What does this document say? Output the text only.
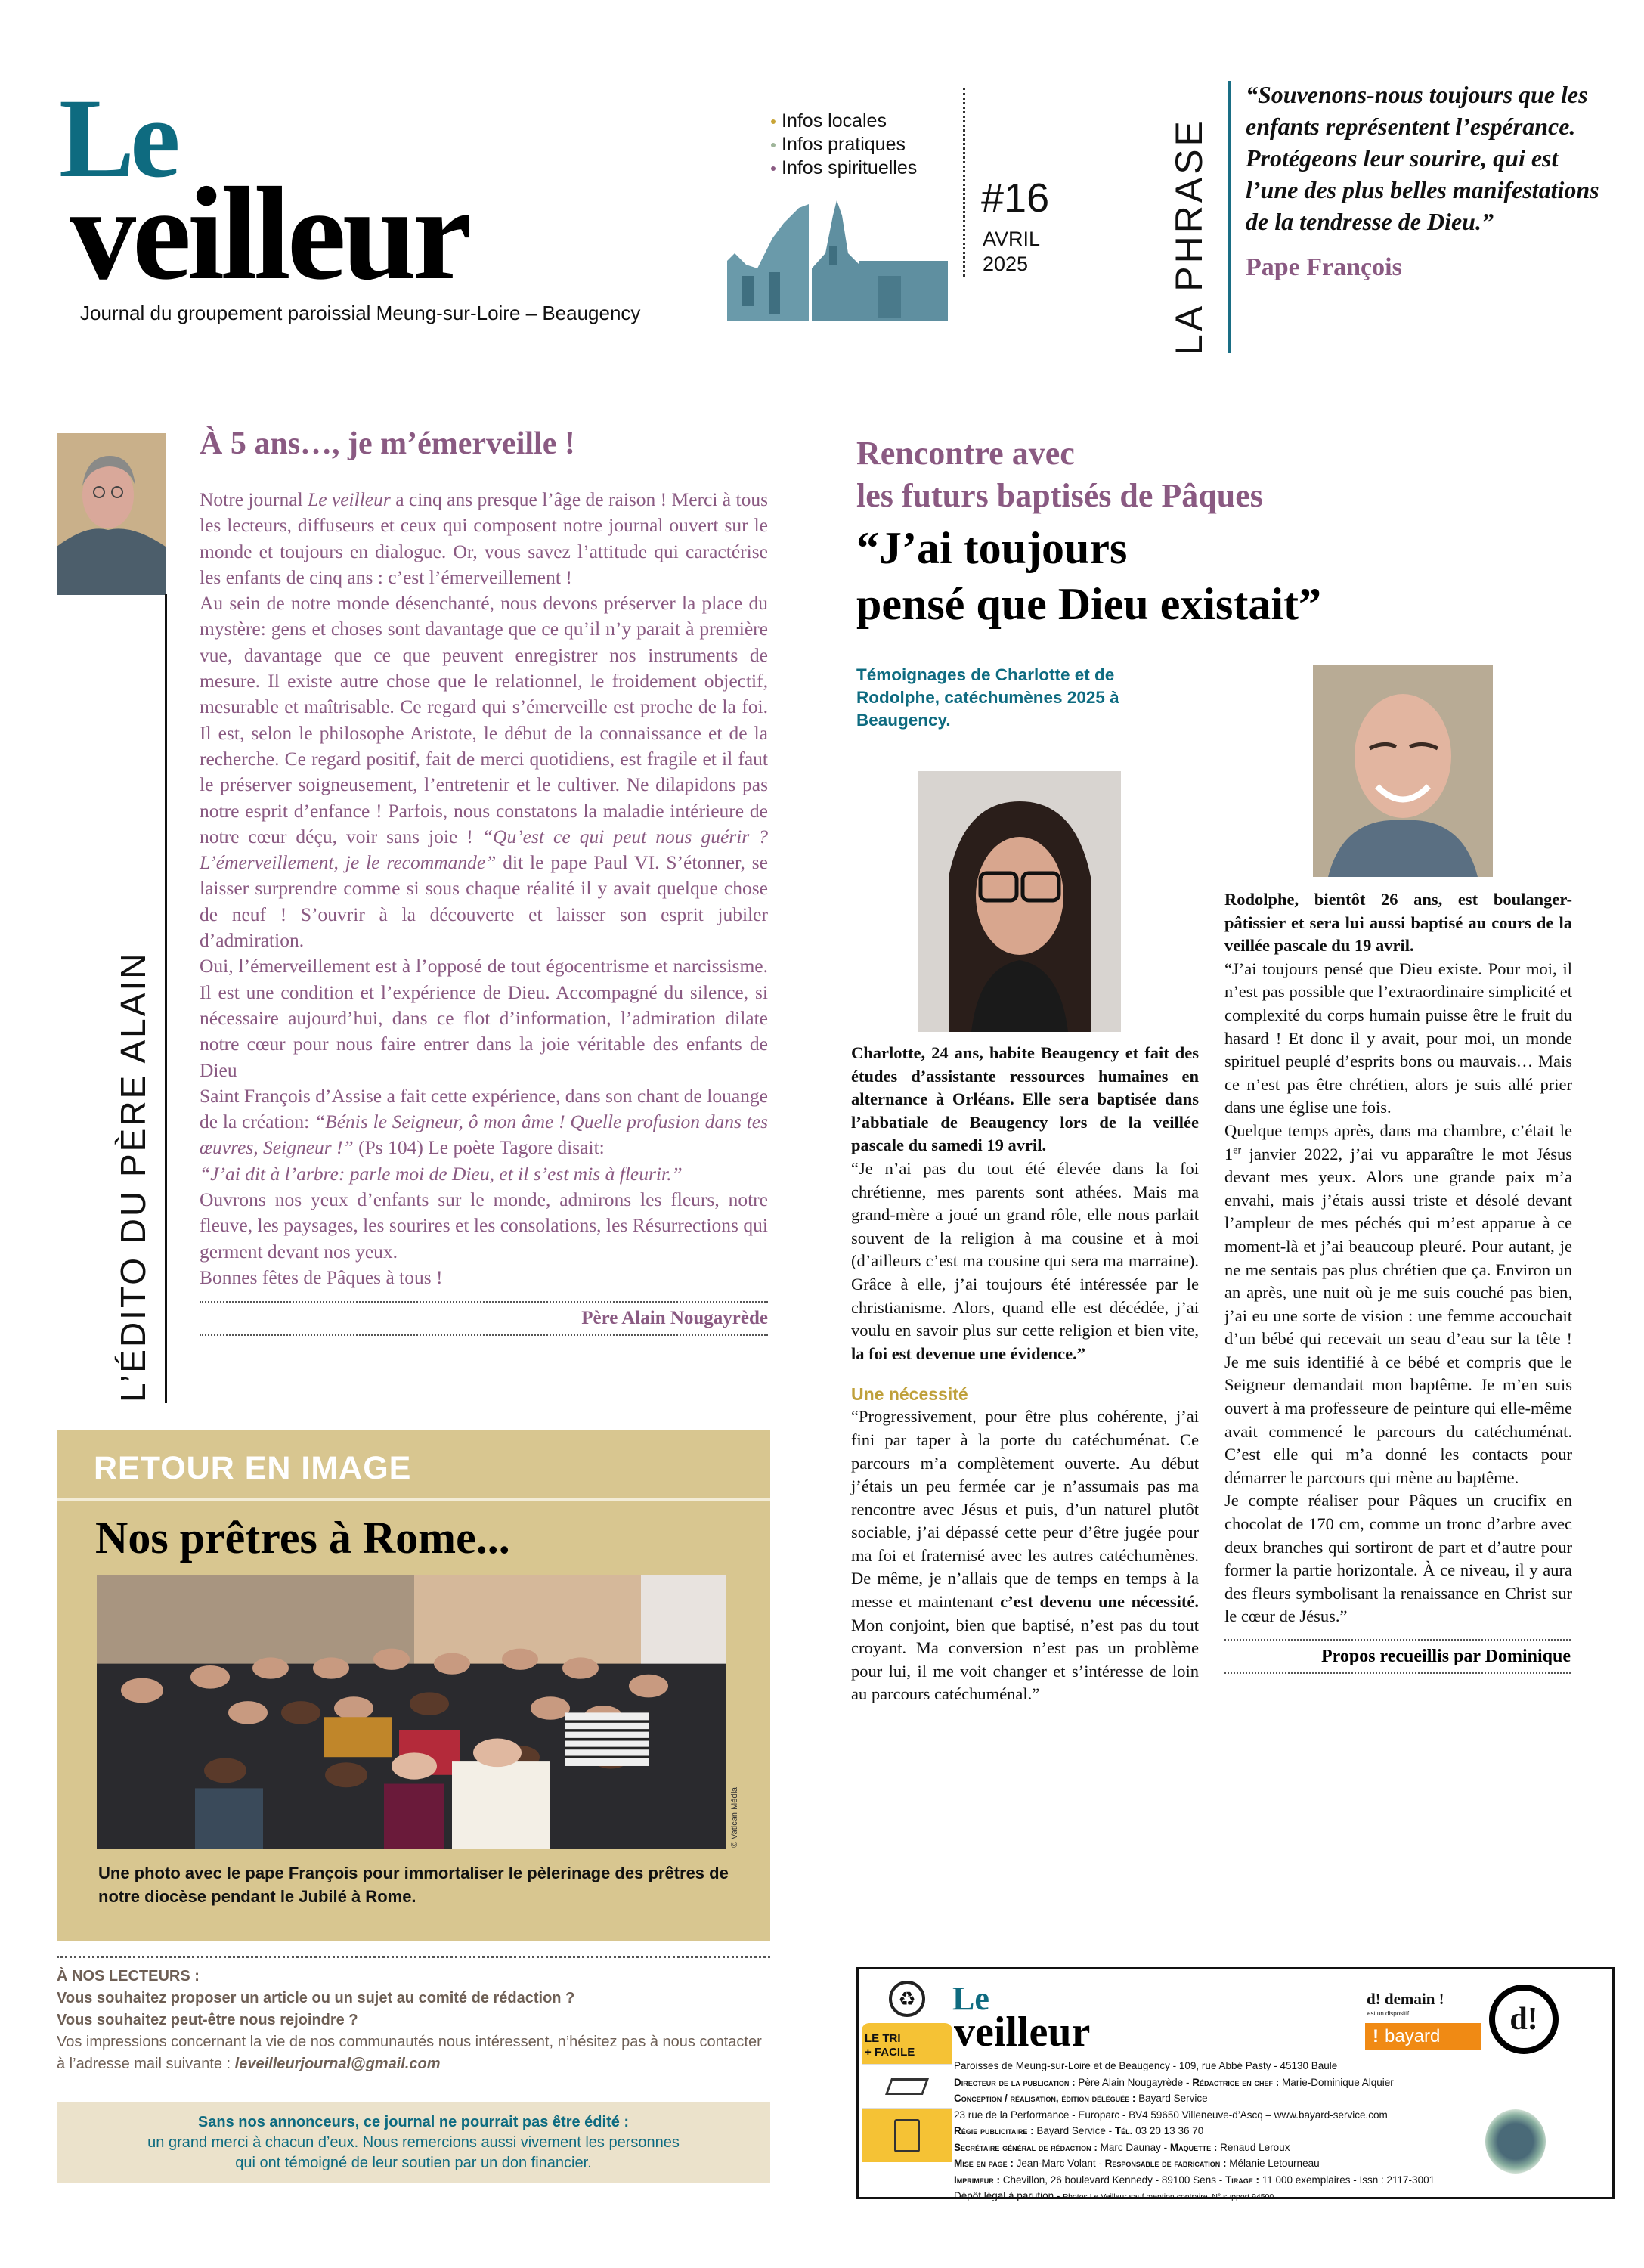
Le
veilleur
Journal du groupement paroissial Meung-sur-Loire – Beaugency
Infos locales
Infos pratiques
Infos spirituelles
#16
AVRIL
2025	LA PHRASE
“Souvenons-nous toujours que les enfants représentent l’espérance. Protégeons leur sourire, qui est l’une des plus belles manifestations de la tendresse de Dieu.”
Pape François
L’ÉDITO DU PÈRE ALAIN
À 5 ans…, je m’émerveille !

Notre journal Le veilleur a cinq ans presque l’âge de raison ! Merci à tous les lecteurs, diffuseurs et ceux qui composent notre journal ouvert sur le monde et toujours en dialogue. Or, vous savez l’attitude qui caractérise les enfants de cinq ans : c’est l’émerveillement !

Au sein de notre monde désenchanté, nous devons préserver la place du mystère: gens et choses sont davantage que ce qu’il n’y parait à première vue, davantage que ce que peuvent enregistrer nos instruments de mesure. Il existe autre chose que le relationnel, le froidement objectif, mesurable et maîtrisable. Ce regard qui s’émerveille est proche de la foi. Il est, selon le philosophe Aristote, le début de la connaissance et de la recherche. Ce regard positif, fait de merci quotidiens, est fragile et il faut le préserver soigneusement, l’entretenir et le cultiver. Ne dilapidons pas notre esprit d’enfance ! Parfois, nous constatons la maladie intérieure de notre cœur déçu, voir sans joie ! “Qu’est ce qui peut nous guérir ? L’émerveillement, je le recommande” dit le pape Paul VI. S’étonner, se laisser surprendre comme si sous chaque réalité il y avait quelque chose de neuf ! S’ouvrir à la découverte et laisser son esprit jubiler d’admiration.

Oui, l’émerveillement est à l’opposé de tout égocentrisme et narcissisme. Il est une condition et l’expérience de Dieu. Accompagné du silence, si nécessaire aujourd’hui, dans ce flot d’information, l’admiration dilate notre cœur pour nous faire entrer dans la joie véritable des enfants de Dieu

Saint François d’Assise a fait cette expérience, dans son chant de louange de la création: “Bénis le Seigneur, ô mon âme ! Quelle profusion dans tes œuvres, Seigneur !” (Ps 104) Le poète Tagore disait:
“J’ai dit à l’arbre: parle moi de Dieu, et il s’est mis à fleurir.”

Ouvrons nos yeux d’enfants sur le monde, admirons les fleurs, notre fleuve, les paysages, les sourires et les consolations, les Résurrections qui germent devant nos yeux.

Bonnes fêtes de Pâques à tous !

Père Alain Nougayrède
RETOUR EN IMAGE
Nos prêtres à Rome...
© Vatican Média
Une photo avec le pape François pour immortaliser le pèlerinage des prêtres de notre diocèse pendant le Jubilé à Rome.
À NOS LECTEURS :
Vous souhaitez proposer un article ou un sujet au comité de rédaction ?
Vous souhaitez peut-être nous rejoindre ?
Vos impressions concernant la vie de nos communautés nous intéressent, n’hésitez pas à nous contacter à l’adresse mail suivante : leveilleurjournal@gmail.com
Sans nos annonceurs, ce journal ne pourrait pas être édité :
un grand merci à chacun d’eux. Nous remercions aussi vivement les personnes qui ont témoigné de leur soutien par un don financier.
Rencontre avec
les futurs baptisés de Pâques
“J’ai toujours
pensé que Dieu existait”
Témoignages de Charlotte et de Rodolphe, catéchumènes 2025 à Beaugency.

Charlotte, 24 ans, habite Beaugency et fait des études d’assistante ressources humaines en alternance à Orléans. Elle sera baptisée dans l’abbatiale de Beaugency lors de la veillée pascale du samedi 19 avril.

“Je n’ai pas du tout été élevée dans la foi chrétienne, mes parents sont athées. Mais ma grand-mère a joué un grand rôle, elle nous parlait souvent de la religion à ma cousine et à moi (d’ailleurs c’est ma cousine qui sera ma marraine). Grâce à elle, j’ai toujours été intéressée par le christianisme. Alors, quand elle est décédée, j’ai voulu en savoir plus sur cette religion et bien vite, la foi est devenue une évidence.”

Une nécessité

“Progressivement, pour être plus cohérente, j’ai fini par taper à la porte du catéchuménat. Ce parcours m’a complètement ouverte. Au début j’étais un peu fermée car je n’assumais pas ma rencontre avec Jésus et puis, d’un naturel plutôt sociable, j’ai dépassé cette peur d’être jugée pour ma foi et fraternisé avec les autres catéchumènes. De même, je n’allais que de temps en temps à la messe et maintenant c’est devenu une nécessité. Mon conjoint, bien que baptisé, n’est pas du tout croyant. Ma conversion n’est pas un problème pour lui, il me voit changer et s’intéresse de loin au parcours catéchuménal.”

Rodolphe, bientôt 26 ans, est boulanger-pâtissier et sera lui aussi baptisé au cours de la veillée pascale du 19 avril.

“J’ai toujours pensé que Dieu existe. Pour moi, il n’est pas possible que l’extraordinaire simplicité et complexité du corps humain puisse être le fruit du hasard ! Et donc il y avait, pour moi, un monde spirituel peuplé d’esprits bons ou mauvais… Mais ce n’est pas être chrétien, alors je suis allé prier dans une église une fois.

Quelque temps après, dans ma chambre, c’était le 1er janvier 2022, j’ai vu apparaître le mot Jésus devant mes yeux. Alors une grande paix m’a envahi, mais j’étais aussi triste et désolé devant l’ampleur de mes péchés qui m’est apparue à ce moment-là et j’ai beaucoup pleuré. Pour autant, je ne me sentais pas plus chrétien que ça. Environ un an après, une nuit où je me suis couché pas bien, j’ai eu une sorte de vision : une femme accouchait d’un bébé qui recevait un seau d’eau sur la tête ! Je me suis identifié à ce bébé et compris que le Seigneur demandait mon baptême. Je m’en suis ouvert à ma professeure de peinture qui elle-même avait commencé le parcours du catéchuménat. C’est elle qui m’a donné les contacts pour démarrer le parcours qui mène au baptême.

Je compte réaliser pour Pâques un crucifix en chocolat de 170 cm, comme un tronc d’arbre avec deux branches qui sortiront de part et d’autre pour former la partie horizontale. À ce niveau, il y aura des fleurs symbolisant la renaissance en Christ sur le cœur de Jésus.”

Propos recueillis par Dominique
♻
LE TRI
+ FACILE
Le
veilleur
Paroisses de Meung-sur-Loire et de Beaugency - 109, rue Abbé Pasty - 45130 Baule
Directeur de la publication : Père Alain Nougayrède - Rédactrice en chef : Marie-Dominique Alquier
Conception / réalisation, édition déléguée : Bayard Service
23 rue de la Performance - Europarc - BV4 59650 Villeneuve-d’Ascq – www.bayard-service.com
Régie publicitaire : Bayard Service - Tél. 03 20 13 36 70
Secrétaire général de rédaction : Marc Daunay - Maquette : Renaud Leroux
Mise en page : Jean-Marc Volant - Responsable de fabrication : Mélanie Letourneau
Imprimeur : Chevillon, 26 boulevard Kennedy - 89100 Sens - Tirage : 11 000 exemplaires - Issn : 2117-3001
Dépôt légal à parution - Photos Le Veilleur sauf mention contraire. N° support 94500
d! demain !
est un dispositif
! bayard	d!
